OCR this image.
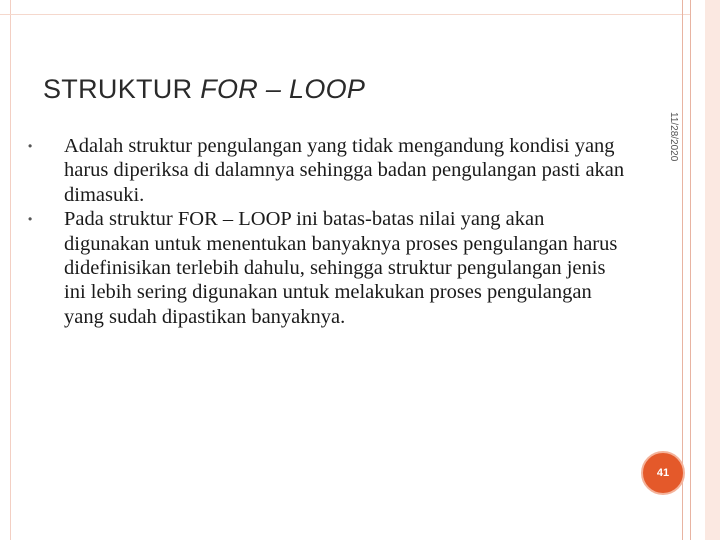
STRUKTUR FOR – LOOP
11/28/2020
• Adalah struktur pengulangan yang tidak mengandung kondisi yang harus diperiksa di dalamnya sehingga badan pengulangan pasti akan dimasuki.
• Pada struktur FOR – LOOP ini batas-batas nilai yang akan digunakan untuk menentukan banyaknya proses pengulangan harus didefinisikan terlebih dahulu, sehingga struktur pengulangan jenis ini lebih sering digunakan untuk melakukan proses pengulangan yang sudah dipastikan banyaknya.
41
